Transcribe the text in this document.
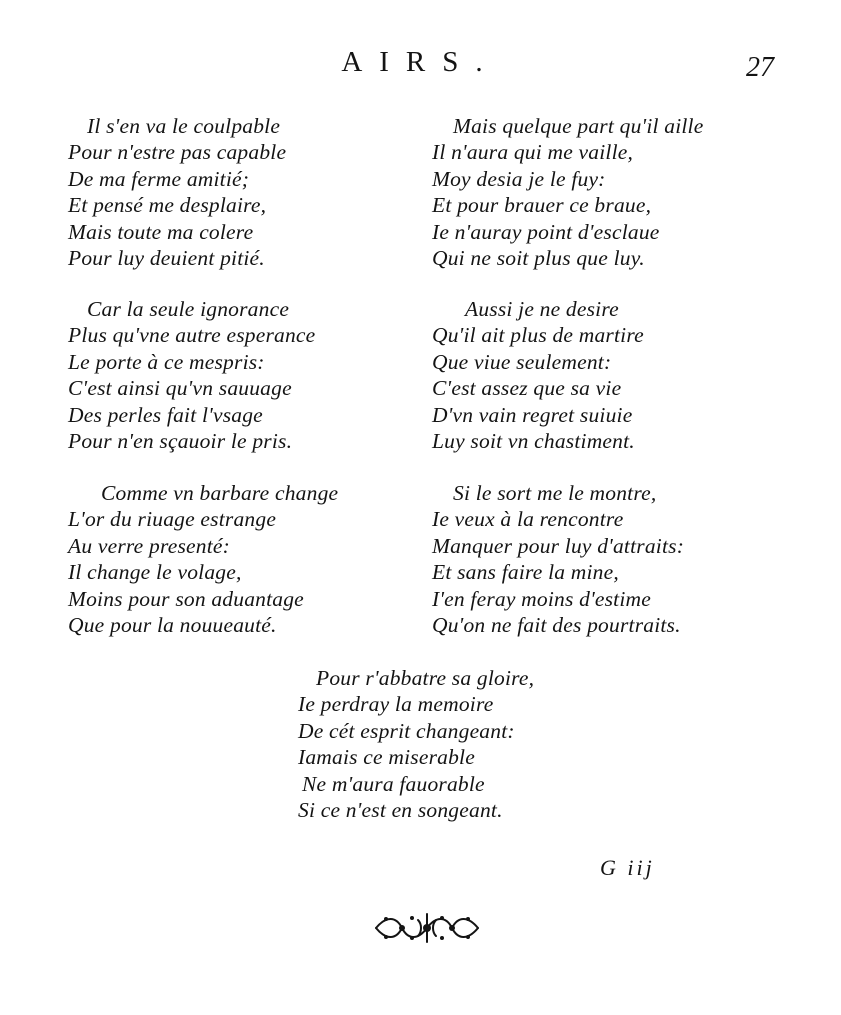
AIRS.	27
Il s'en va le coulpable
Pour n'estre pas capable
De ma ferme amitié;
Et pensé me desplaire,
Mais toute ma colere
Pour luy deuient pitié.
Car la seule ignorance
Plus qu'vne autre esperance
Le porte à ce mespris:
C'est ainsi qu'vn sauuage
Des perles fait l'vsage
Pour n'en sçauoir le pris.
Comme vn barbare change
L'or du riuage estrange
Au verre presenté:
Il change le volage,
Moins pour son aduantage
Que pour la nouueauté.
Mais quelque part qu'il aille
Il n'aura qui me vaille,
Moy desia je le fuy:
Et pour brauer ce braue,
Ie n'auray point d'esclaue
Qui ne soit plus que luy.
Aussi je ne desire
Qu'il ait plus de martire
Que viue seulement:
C'est assez que sa vie
D'vn vain regret suiuie
Luy soit vn chastiment.
Si le sort me le montre,
Ie veux à la rencontre
Manquer pour luy d'attraits:
Et sans faire la mine,
I'en feray moins d'estime
Qu'on ne fait des pourtraits.
Pour r'abbatre sa gloire,
Ie perdray la memoire
De cét esprit changeant:
Iamais ce miserable
Ne m'aura fauorable
Si ce n'est en songeant.
G iij
